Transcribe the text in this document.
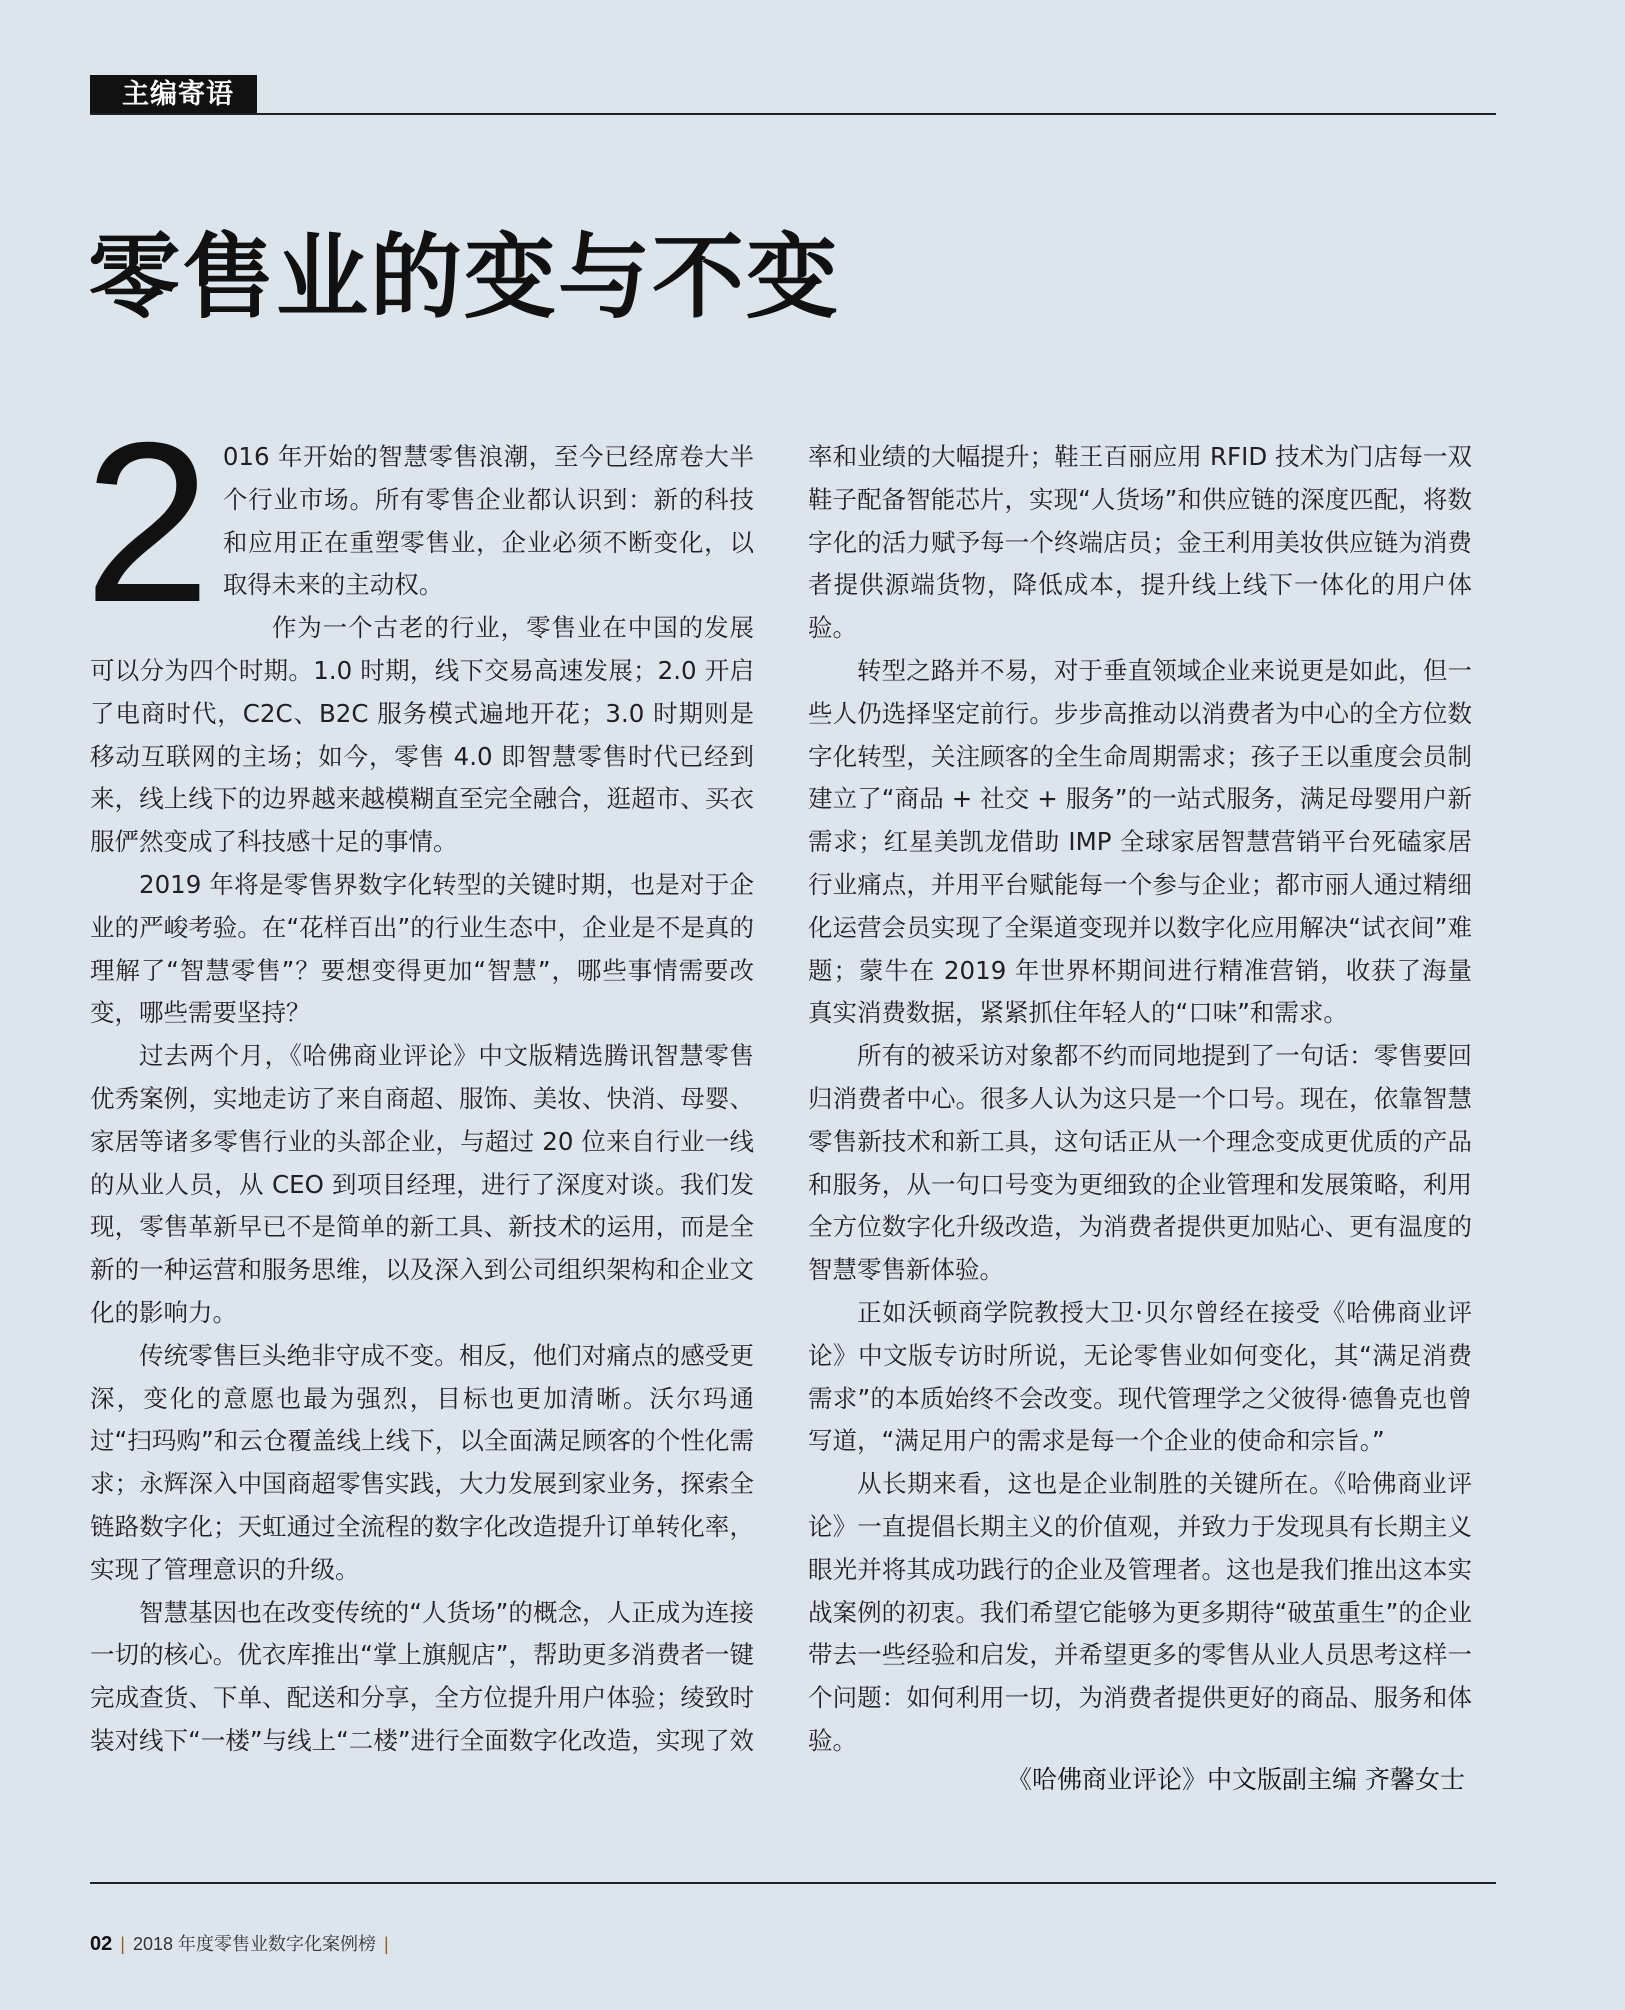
主编寄语
零售业的变与不变

2 016 年开始的智慧零售浪潮，至今已经席卷大半个行业市场。所有零售企业都认识到：新的科技和应用正在重塑零售业，企业必须不断变化，以取得未来的主动权。

作为一个古老的行业，零售业在中国的发展可以分为四个时期。1.0 时期，线下交易高速发展；2.0 开启了电商时代，C2C、B2C 服务模式遍地开花；3.0 时期则是移动互联网的主场；如今，零售 4.0 即智慧零售时代已经到来，线上线下的边界越来越模糊直至完全融合，逛超市、买衣服俨然变成了科技感十足的事情。

2019 年将是零售界数字化转型的关键时期，也是对于企业的严峻考验。在“花样百出”的行业生态中，企业是不是真的理解了“智慧零售”？要想变得更加“智慧”，哪些事情需要改变，哪些需要坚持？

过去两个月，《哈佛商业评论》中文版精选腾讯智慧零售优秀案例，实地走访了来自商超、服饰、美妆、快消、母婴、家居等诸多零售行业的头部企业，与超过 20 位来自行业一线的从业人员，从 CEO 到项目经理，进行了深度对谈。我们发现，零售革新早已不是简单的新工具、新技术的运用，而是全新的一种运营和服务思维，以及深入到公司组织架构和企业文化的影响力。

传统零售巨头绝非守成不变。相反，他们对痛点的感受更深，变化的意愿也最为强烈，目标也更加清晰。沃尔玛通过“扫玛购”和云仓覆盖线上线下，以全面满足顾客的个性化需求；永辉深入中国商超零售实践，大力发展到家业务，探索全链路数字化；天虹通过全流程的数字化改造提升订单转化率，实现了管理意识的升级。

智慧基因也在改变传统的“人货场”的概念，人正成为连接一切的核心。优衣库推出“掌上旗舰店”，帮助更多消费者一键完成查货、下单、配送和分享，全方位提升用户体验；绫致时装对线下“一楼”与线上“二楼”进行全面数字化改造，实现了效率和业绩的大幅提升；鞋王百丽应用 RFID 技术为门店每一双鞋子配备智能芯片，实现“人货场”和供应链的深度匹配，将数字化的活力赋予每一个终端店员；金王利用美妆供应链为消费者提供源端货物，降低成本，提升线上线下一体化的用户体验。

转型之路并不易，对于垂直领域企业来说更是如此，但一些人仍选择坚定前行。步步高推动以消费者为中心的全方位数字化转型，关注顾客的全生命周期需求；孩子王以重度会员制建立了“商品 + 社交 + 服务”的一站式服务，满足母婴用户新需求；红星美凯龙借助 IMP 全球家居智慧营销平台死磕家居行业痛点，并用平台赋能每一个参与企业；都市丽人通过精细化运营会员实现了全渠道变现并以数字化应用解决“试衣间”难题；蒙牛在 2019 年世界杯期间进行精准营销，收获了海量真实消费数据，紧紧抓住年轻人的“口味”和需求。

所有的被采访对象都不约而同地提到了一句话：零售要回归消费者中心。很多人认为这只是一个口号。现在，依靠智慧零售新技术和新工具，这句话正从一个理念变成更优质的产品和服务，从一句口号变为更细致的企业管理和发展策略，利用全方位数字化升级改造，为消费者提供更加贴心、更有温度的智慧零售新体验。

正如沃顿商学院教授大卫·贝尔曾经在接受《哈佛商业评论》中文版专访时所说，无论零售业如何变化，其“满足消费需求”的本质始终不会改变。现代管理学之父彼得·德鲁克也曾写道，“满足用户的需求是每一个企业的使命和宗旨。”

从长期来看，这也是企业制胜的关键所在。《哈佛商业评论》一直提倡长期主义的价值观，并致力于发现具有长期主义眼光并将其成功践行的企业及管理者。这也是我们推出这本实战案例的初衷。我们希望它能够为更多期待“破茧重生”的企业带去一些经验和启发，并希望更多的零售从业人员思考这样一个问题：如何利用一切，为消费者提供更好的商品、服务和体验。

《哈佛商业评论》中文版副主编 齐馨女士
02 | 2018 年度零售业数字化案例榜 |
